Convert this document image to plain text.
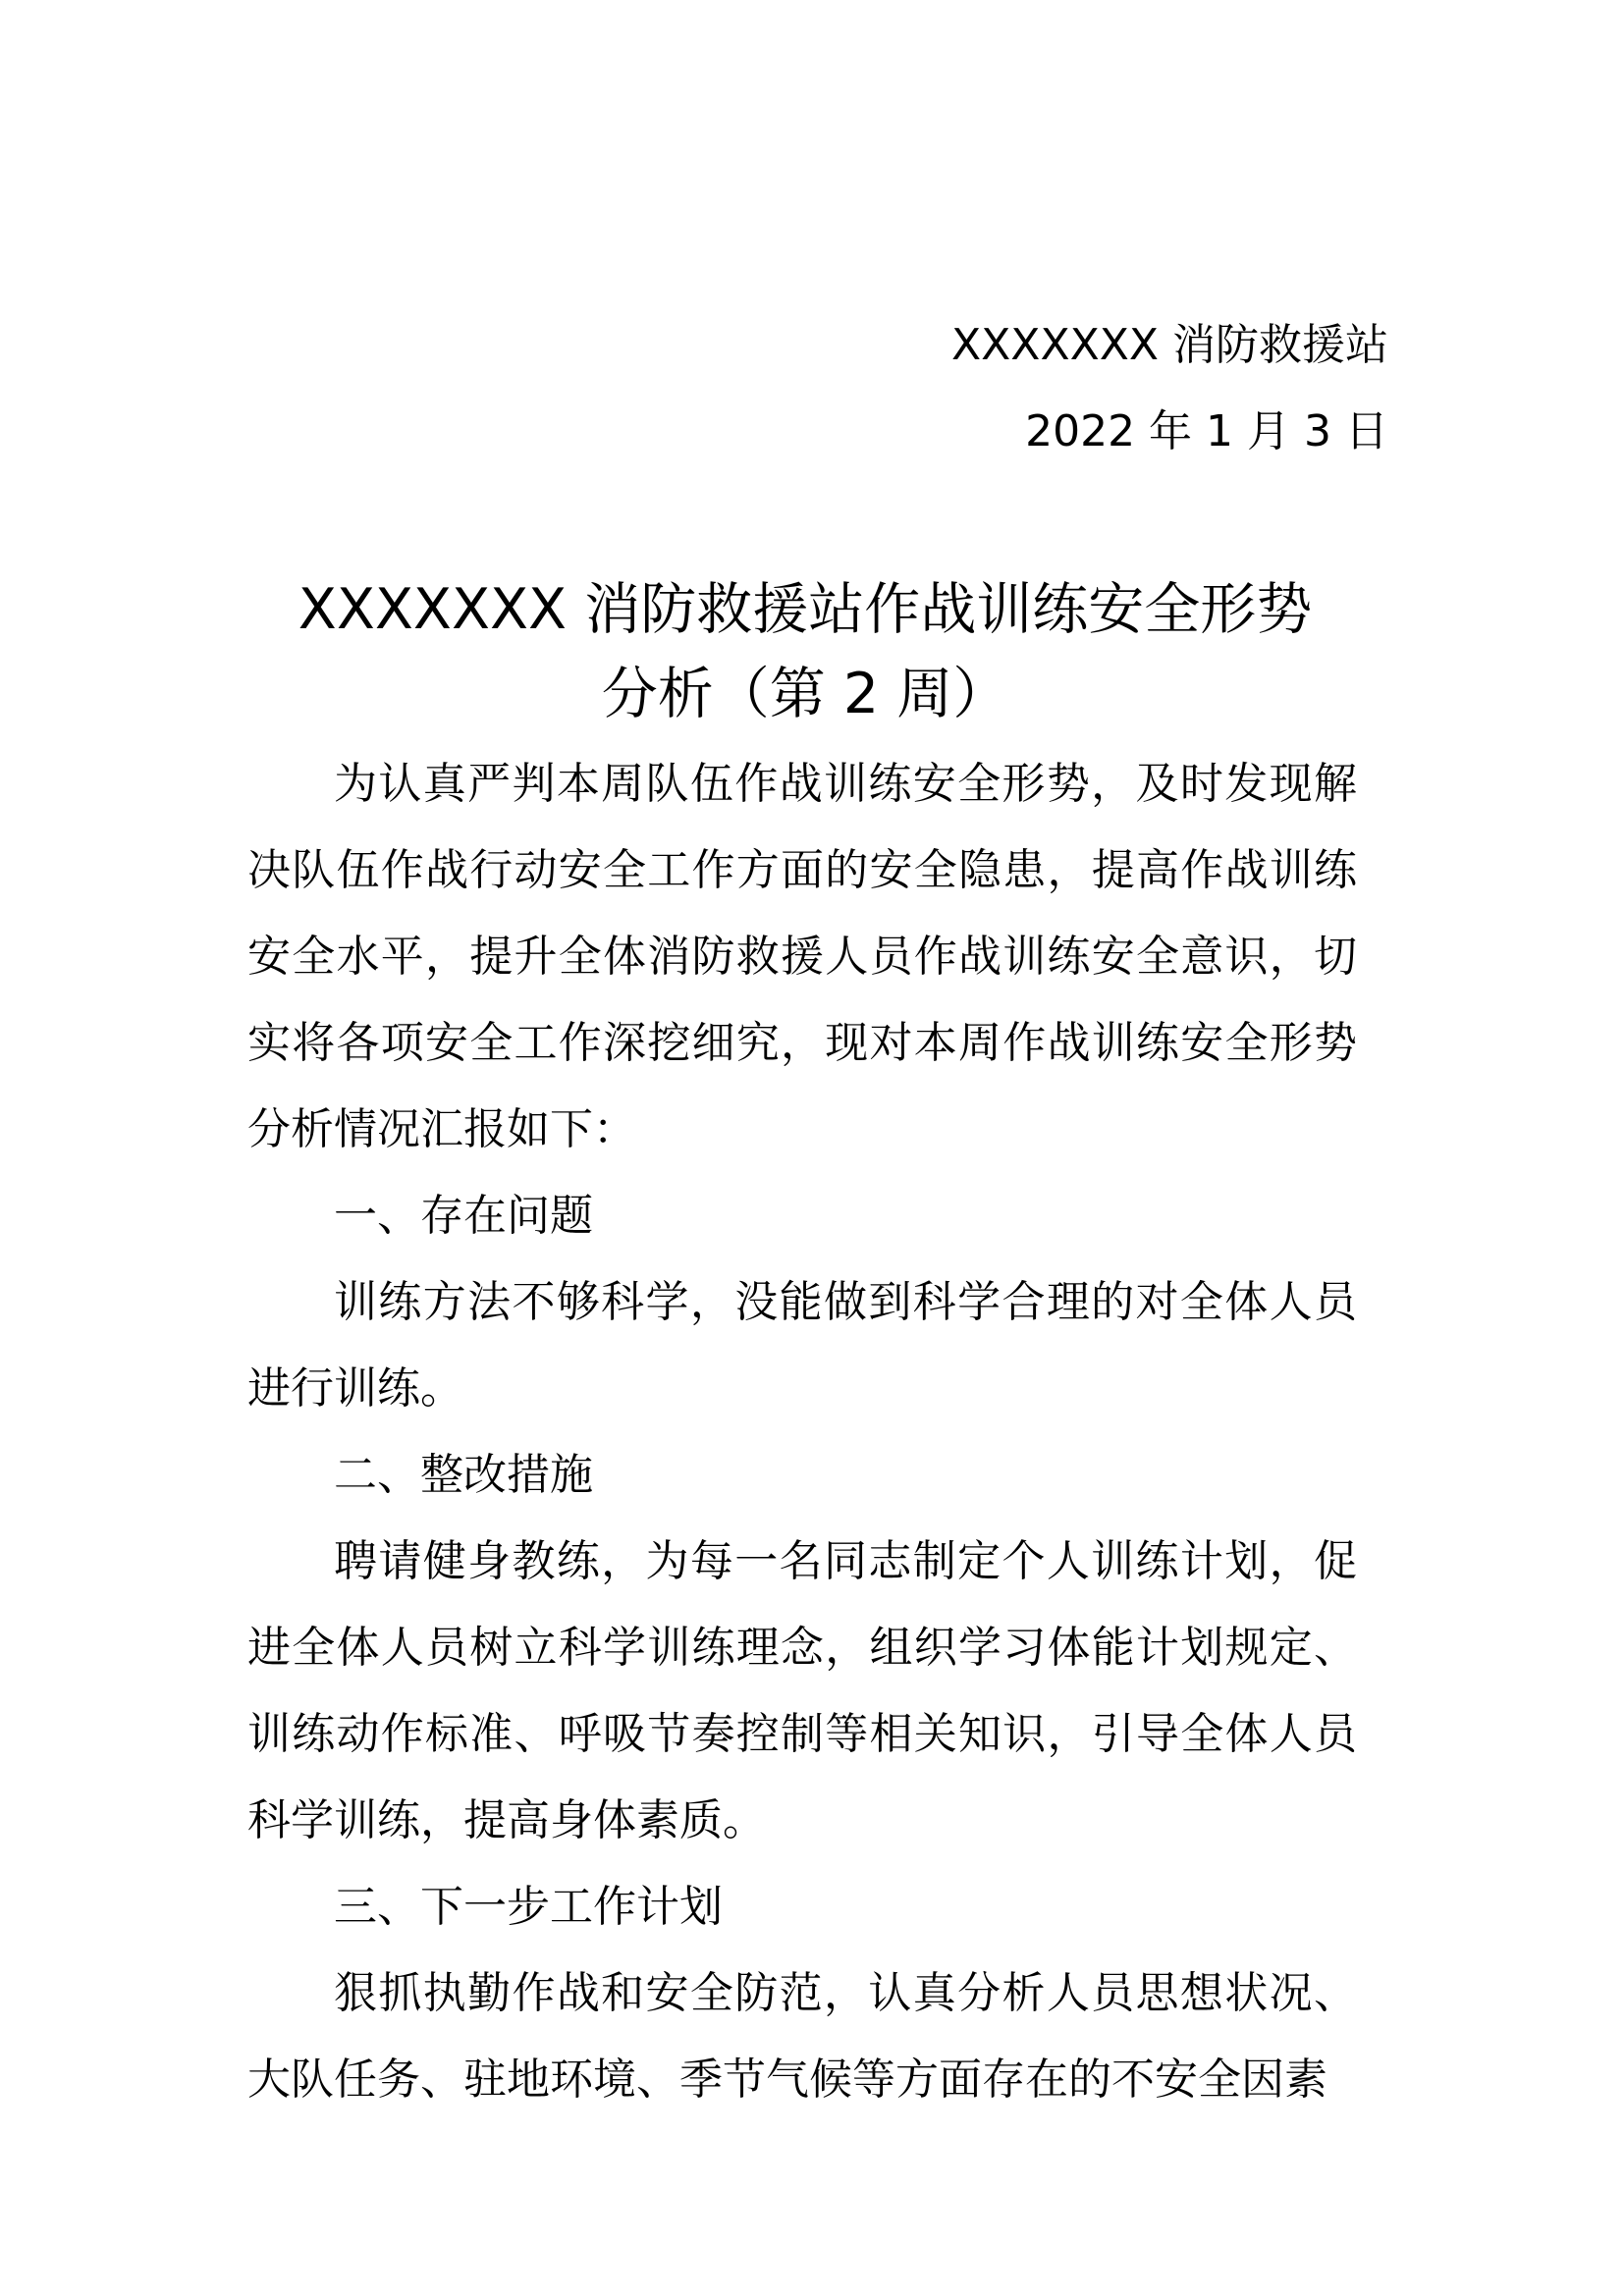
XXXXXXX 消防救援站
2022 年 1 月 3 日
XXXXXXX 消防救援站作战训练安全形势
分析（第 2 周）

为认真严判本周队伍作战训练安全形势，及时发现解决队伍作战行动安全工作方面的安全隐患，提高作战训练安全水平，提升全体消防救援人员作战训练安全意识，切实将各项安全工作深挖细究，现对本周作战训练安全形势分析情况汇报如下：

一、存在问题

训练方法不够科学，没能做到科学合理的对全体人员进行训练。

二、整改措施

聘请健身教练，为每一名同志制定个人训练计划，促进全体人员树立科学训练理念，组织学习体能计划规定、训练动作标准、呼吸节奏控制等相关知识，引导全体人员科学训练，提高身体素质。

三、下一步工作计划

狠抓执勤作战和安全防范，认真分析人员思想状况、大队任务、驻地环境、季节气候等方面存在的不安全因素
